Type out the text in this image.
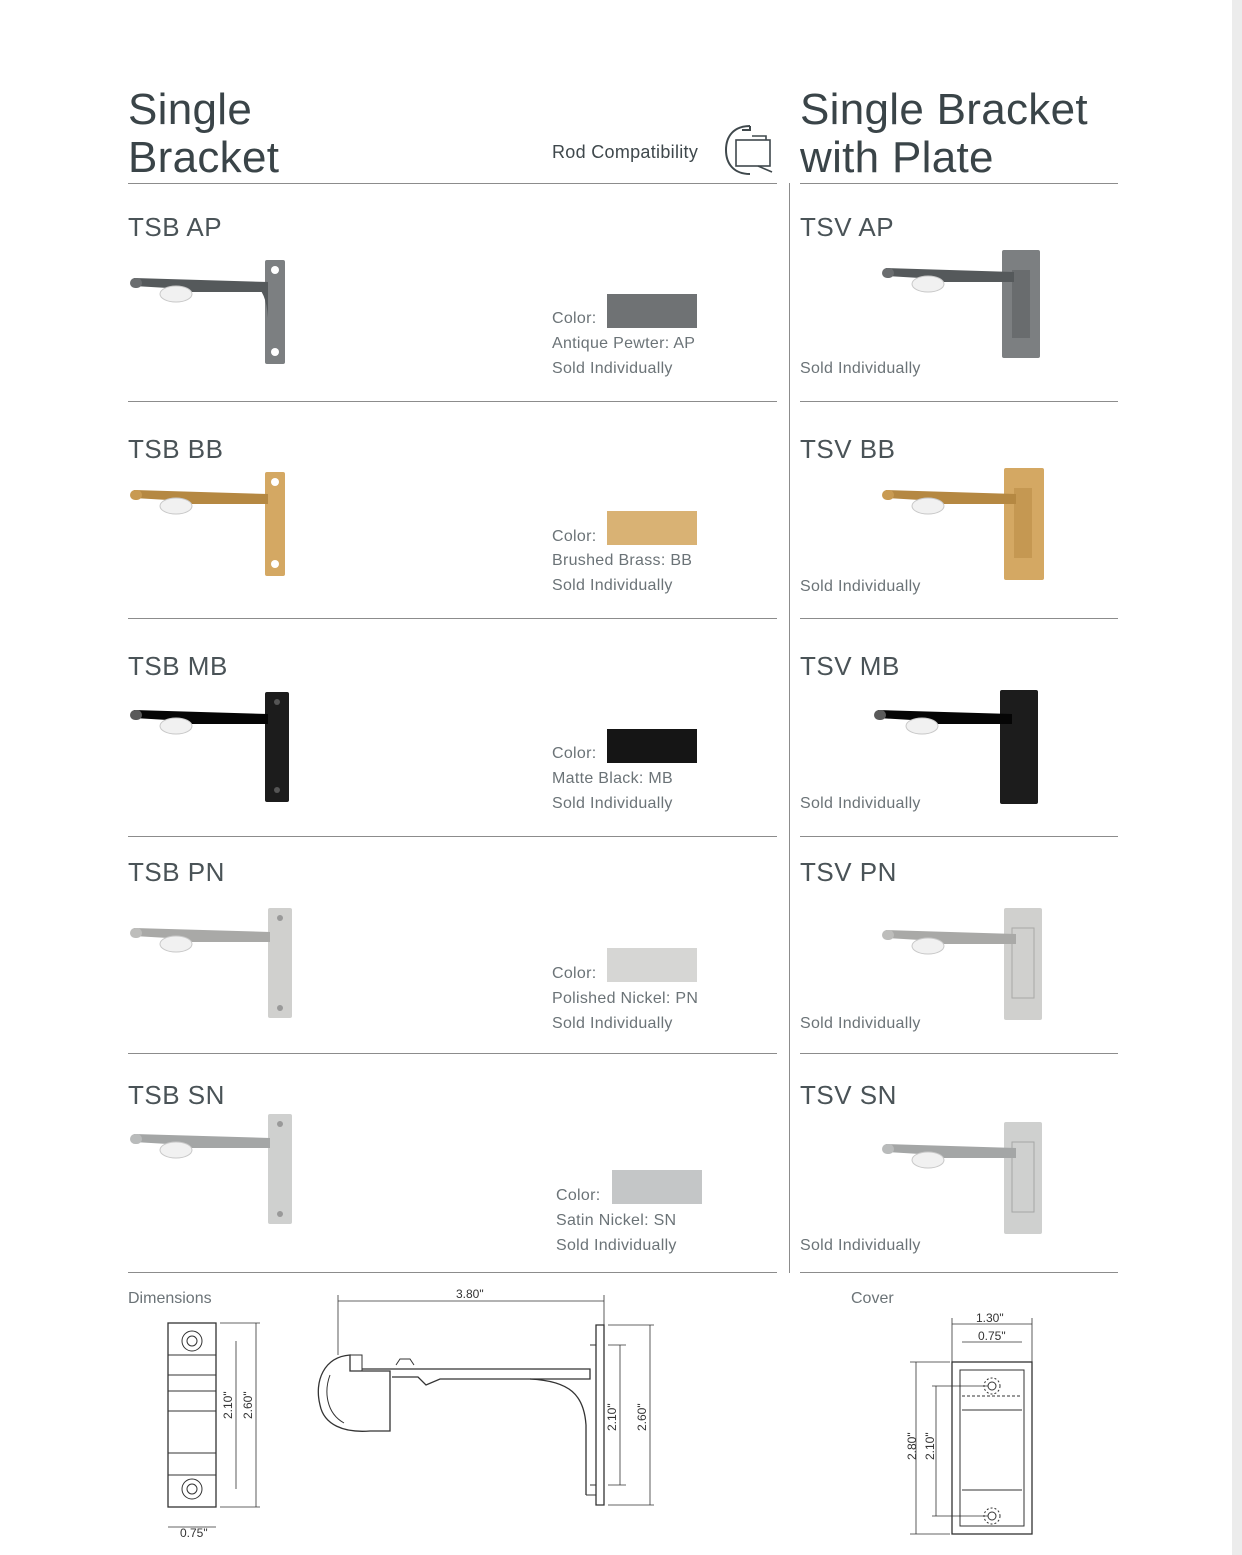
Single
Bracket
Single Bracket
with Plate
Rod Compatibility
TSB AP	TSV AP
Color:
Antique Pewter: AP
Sold Individually	Sold Individually
TSB BB	TSV BB
Color:
Brushed Brass: BB
Sold Individually	Sold Individually
TSB MB	TSV MB
Color:
Matte Black: MB
Sold Individually	Sold Individually
TSB PN	TSV PN
Color:
Polished Nickel: PN
Sold Individually	Sold Individually
TSB SN	TSV SN
Color:
Satin Nickel: SN
Sold Individually	Sold Individually
Dimensions	Cover
2.10" 2.60"
0.75"
3.80"
2.10" 2.60"
1.30"
0.75"
2.80" 2.10"
